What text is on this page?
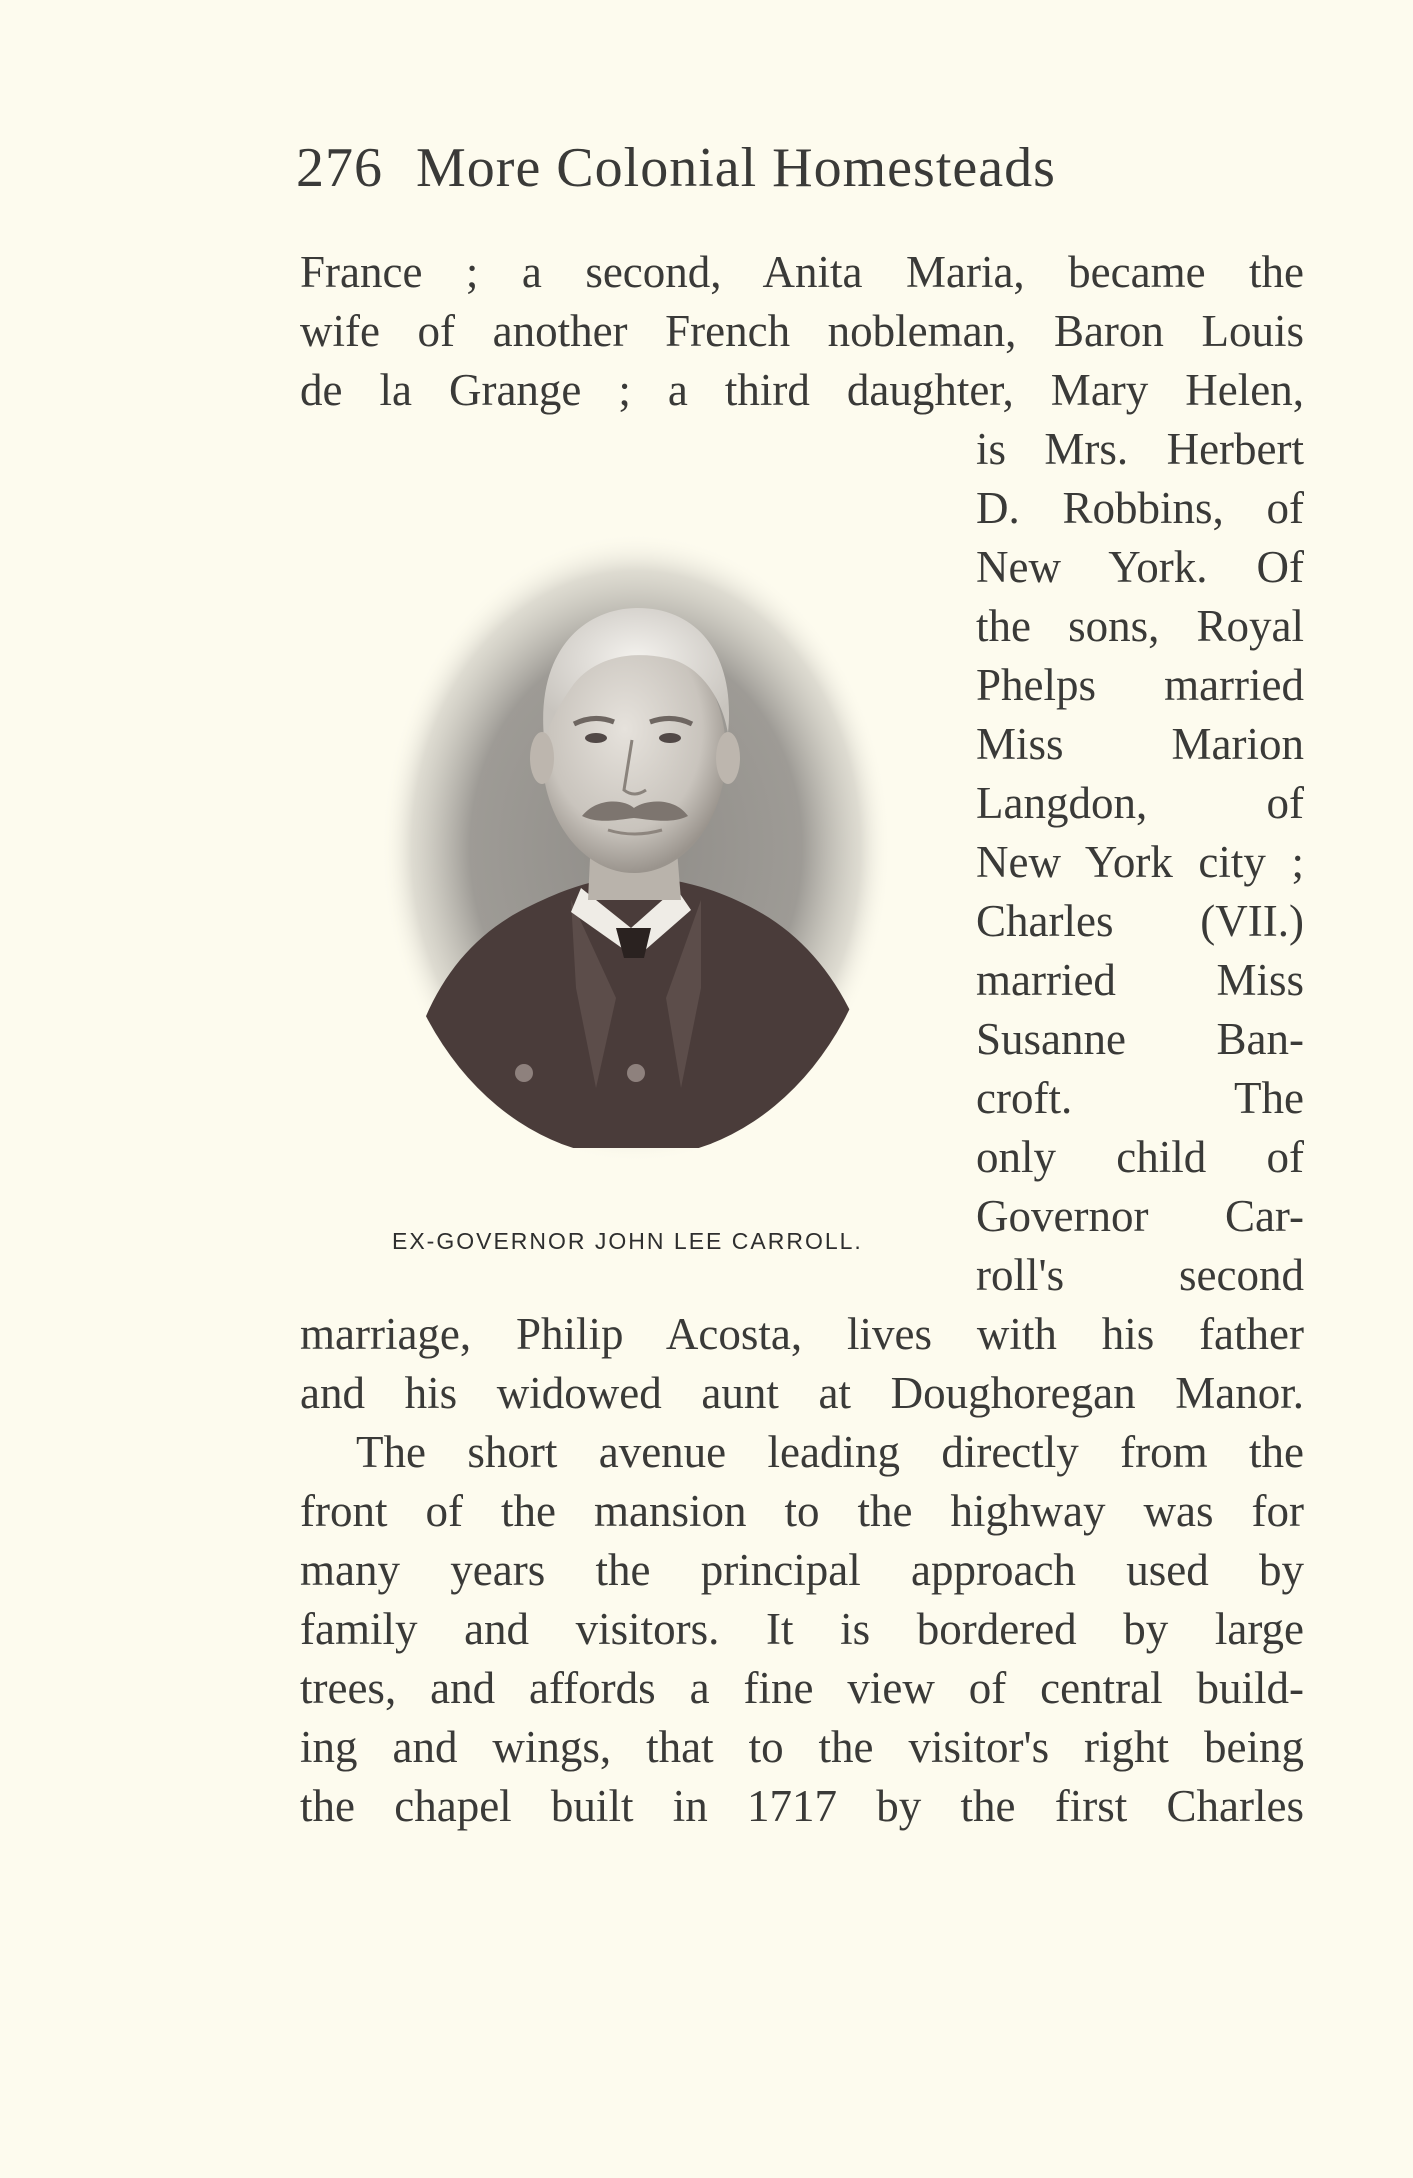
276 More Colonial Homesteads
France ; a second, Anita Maria, became the
wife of another French nobleman, Baron Louis
de la Grange ; a third daughter, Mary Helen,
is Mrs. Herbert
D. Robbins, of
New York. Of
the sons, Royal
Phelps married
Miss Marion
Langdon, of
New York city ;
Charles (VII.)
married Miss
Susanne Ban-
croft. The
only child of
Governor Car-
roll's second
marriage, Philip Acosta, lives with his father
and his widowed aunt at Doughoregan Manor.
The short avenue leading directly from the
front of the mansion to the highway was for
many years the principal approach used by
family and visitors. It is bordered by large
trees, and affords a fine view of central build-
ing and wings, that to the visitor's right being
the chapel built in 1717 by the first Charles
EX-GOVERNOR JOHN LEE CARROLL.
